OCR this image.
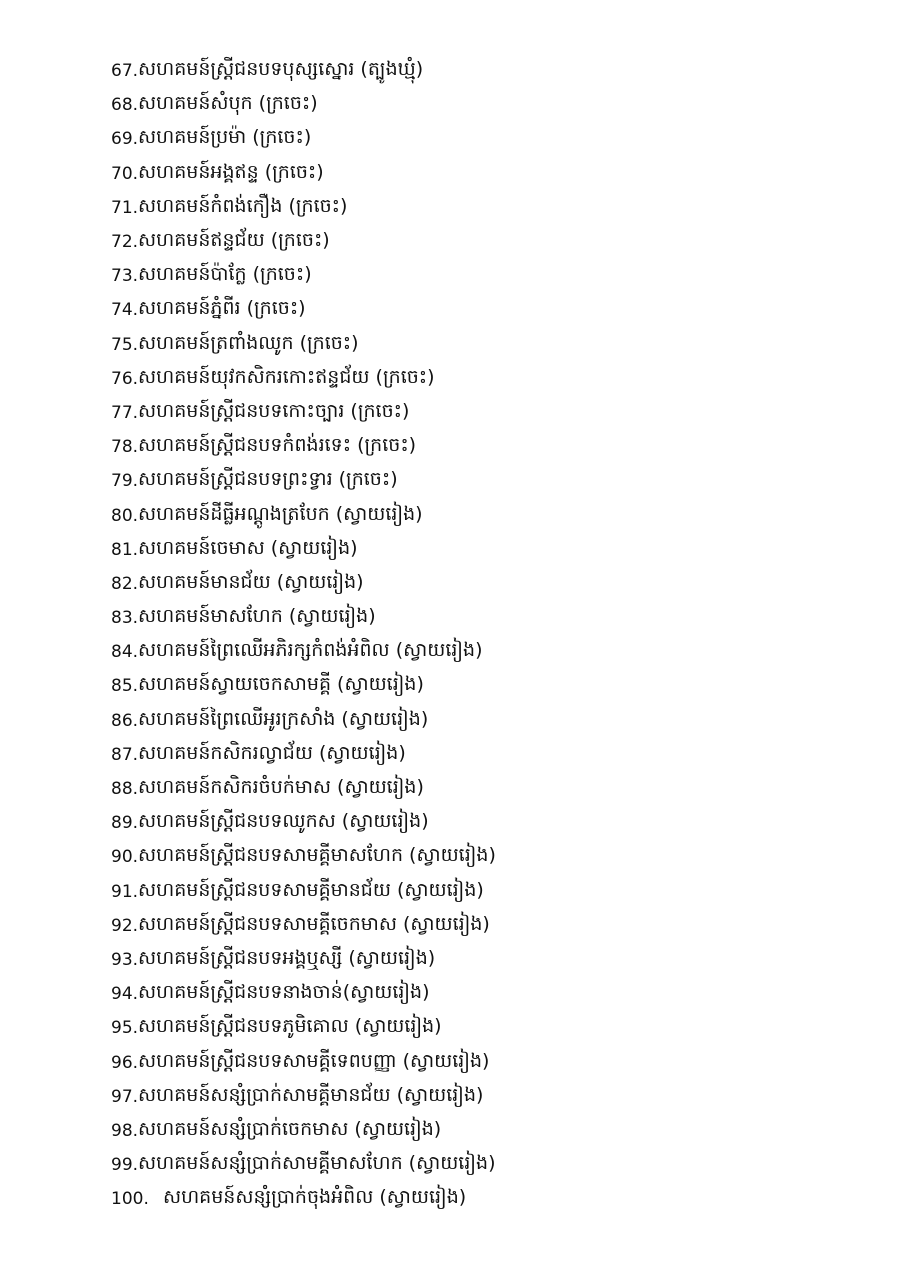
67. សហគមន៍ស្ត្រីជនបទបុស្សស្នោរ (ត្បូងឃ្មុំ)
68. សហគមន៍សំបុក (ក្រចេះ)
69. សហគមន៍ប្រម៉ា (ក្រចេះ)
70. សហគមន៍អង្គឥន្ទ (ក្រចេះ)
71. សហគមន៍កំពង់កឿង (ក្រចេះ)
72. សហគមន៍ឥន្ទជ័យ (ក្រចេះ)
73. សហគមន៍ប៉ាក្លែ (ក្រចេះ)
74. សហគមន៍ភ្នំពីរ (ក្រចេះ)
75. សហគមន៍ត្រពាំងឈូក (ក្រចេះ)
76. សហគមន៍យុវកសិករកោះឥន្ទជ័យ (ក្រចេះ)
77. សហគមន៍ស្ត្រីជនបទកោះច្បារ (ក្រចេះ)
78. សហគមន៍ស្ត្រីជនបទកំពង់រទេះ (ក្រចេះ)
79. សហគមន៍ស្ត្រីជនបទព្រះទ្វារ (ក្រចេះ)
80. សហគមន៍ដីធ្លីអណ្ដូងត្របែក (ស្វាយរៀង)
81. សហគមន៍ចេមាស (ស្វាយរៀង)
82. សហគមន៍មានជ័យ (ស្វាយរៀង)
83. សហគមន៍មាសហែក (ស្វាយរៀង)
84. សហគមន៍ព្រៃឈើអភិរក្សកំពង់អំពិល (ស្វាយរៀង)
85. សហគមន៍ស្វាយចេកសាមគ្គី (ស្វាយរៀង)
86. សហគមន៍ព្រៃឈើអូរក្រសាំង (ស្វាយរៀង)
87. សហគមន៍កសិករល្វាជ័យ (ស្វាយរៀង)
88. សហគមន៍កសិករចំបក់មាស (ស្វាយរៀង)
89. សហគមន៍ស្ត្រីជនបទឈូកស (ស្វាយរៀង)
90. សហគមន៍ស្ត្រីជនបទសាមគ្គីមាសហែក (ស្វាយរៀង)
91. សហគមន៍ស្ត្រីជនបទសាមគ្គីមានជ័យ (ស្វាយរៀង)
92. សហគមន៍ស្ត្រីជនបទសាមគ្គីចេកមាស (ស្វាយរៀង)
93. សហគមន៍ស្ត្រីជនបទអង្គឬស្សី (ស្វាយរៀង)
94. សហគមន៍ស្ត្រីជនបទនាងចាន់(ស្វាយរៀង)
95. សហគមន៍ស្ត្រីជនបទភូមិគោល (ស្វាយរៀង)
96. សហគមន៍ស្ត្រីជនបទសាមគ្គីទេពបញ្ញា (ស្វាយរៀង)
97. សហគមន៍សន្សំប្រាក់សាមគ្គីមានជ័យ (ស្វាយរៀង)
98. សហគមន៍សន្សំប្រាក់ចេកមាស (ស្វាយរៀង)
99. សហគមន៍សន្សំប្រាក់សាមគ្គីមាសហែក (ស្វាយរៀង)
100. សហគមន៍សន្សំប្រាក់ចុងអំពិល (ស្វាយរៀង)
